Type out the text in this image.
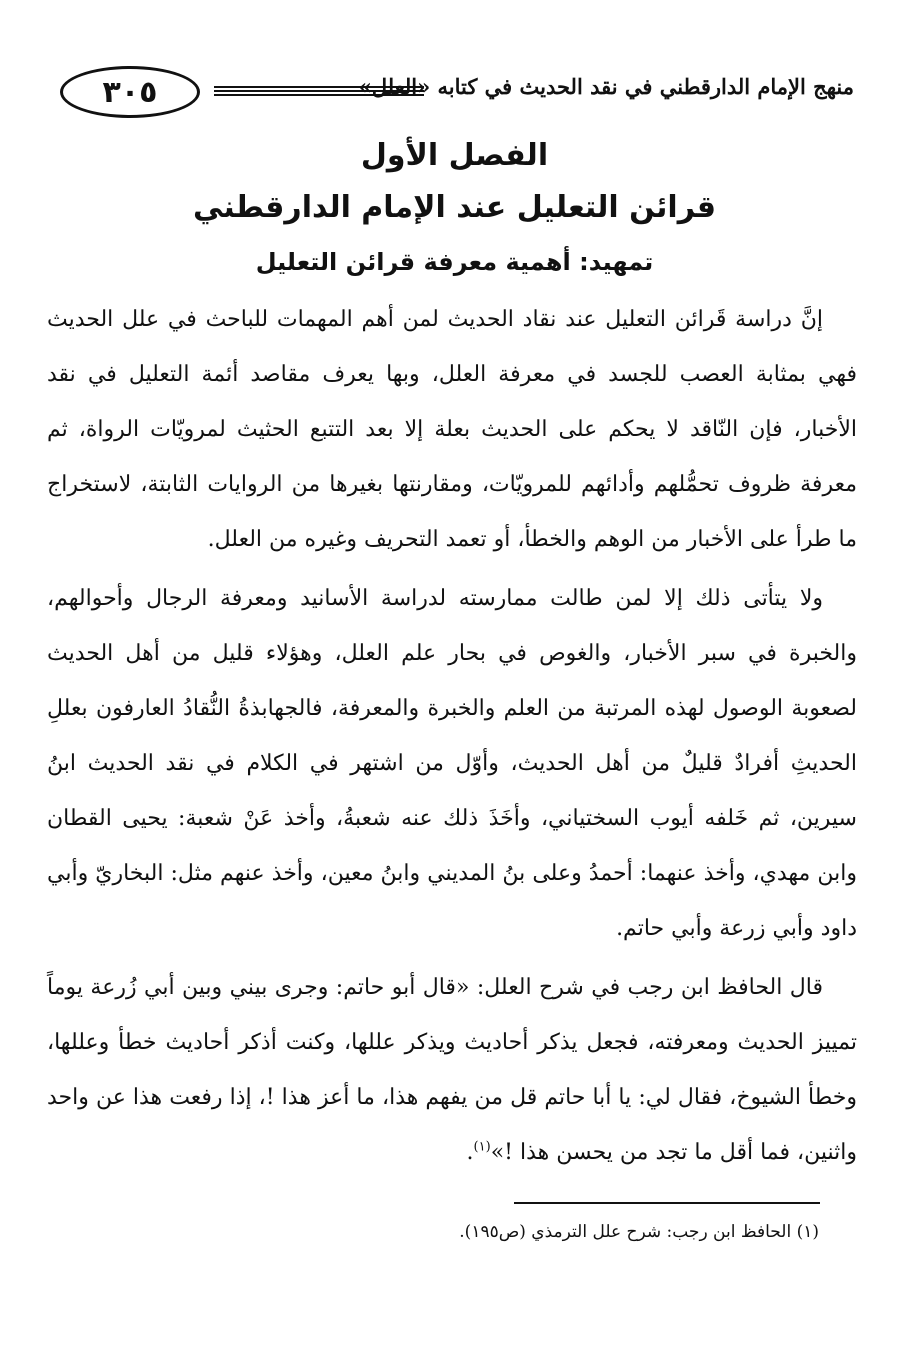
٣٠٥	منهج الإمام الدارقطني في نقد الحديث في كتابه «العلل»
الفصل الأول
قرائن التعليل عند الإمام الدارقطني
تمهيد: أهمية معرفة قرائن التعليل

إنَّ دراسة قَرائن التعليل عند نقاد الحديث لمن أهم المهمات للباحث في علل الحديث فهي بمثابة العصب للجسد في معرفة العلل، وبها يعرف مقاصد أئمة التعليل في نقد الأخبار، فإن النّاقد لا يحكم على الحديث بعلة إلا بعد التتبع الحثيث لمرويّات الرواة، ثم معرفة ظروف تحمُّلهم وأدائهم للمرويّات، ومقارنتها بغيرها من الروايات الثابتة، لاستخراج ما طرأ على الأخبار من الوهم والخطأ، أو تعمد التحريف وغيره من العلل.

ولا يتأتى ذلك إلا لمن طالت ممارسته لدراسة الأسانيد ومعرفة الرجال وأحوالهم، والخبرة في سبر الأخبار، والغوص في بحار علم العلل، وهؤلاء قليل من أهل الحديث لصعوبة الوصول لهذه المرتبة من العلم والخبرة والمعرفة، فالجهابذةُ النُّقادُ العارفون بعللِ الحديثِ أفرادٌ قليلٌ من أهل الحديث، وأوّل من اشتهر في الكلام في نقد الحديث ابنُ سيرين، ثم خَلفه أيوب السختياني، وأخَذَ ذلك عنه شعبةُ، وأخذ عَنْ شعبة: يحيى القطان وابن مهدي، وأخذ عنهما: أحمدُ وعلى بنُ المديني وابنُ معين، وأخذ عنهم مثل: البخاريّ وأبي داود وأبي زرعة وأبي حاتم.

قال الحافظ ابن رجب في شرح العلل: «قال أبو حاتم: وجرى بيني وبين أبي زُرعة يوماً تمييز الحديث ومعرفته، فجعل يذكر أحاديث ويذكر عللها، وكنت أذكر أحاديث خطأ وعللها، وخطأ الشيوخ، فقال لي: يا أبا حاتم قل من يفهم هذا، ما أعز هذا !، إذا رفعت هذا عن واحد واثنين، فما أقل ما تجد من يحسن هذا !»$^{(١)}$.

(١) الحافظ ابن رجب: شرح علل الترمذي (ص١٩٥).
